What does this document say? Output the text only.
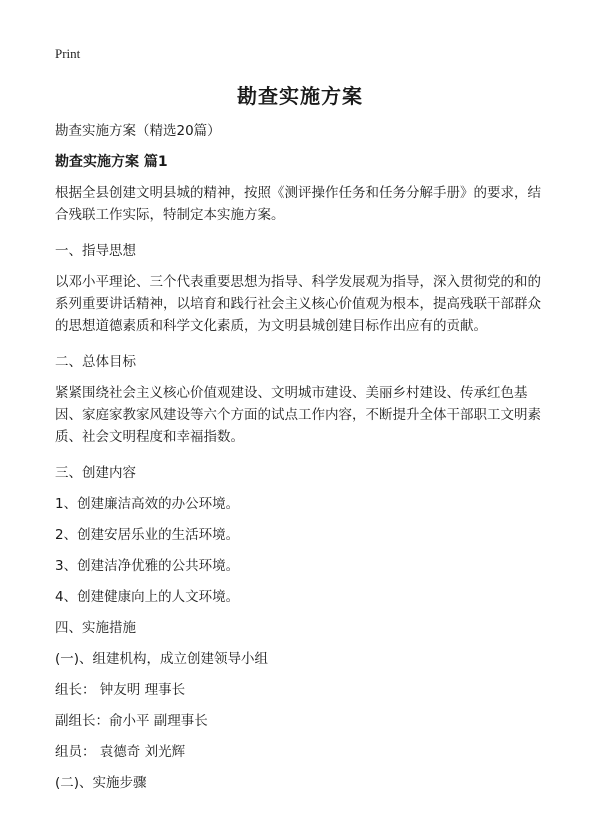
Print
勘查实施方案

勘查实施方案（精选20篇）

勘查实施方案 篇1

根据全县创建文明县城的精神，按照《测评操作任务和任务分解手册》的要求，结合残联工作实际，特制定本实施方案。

一、指导思想

以邓小平理论、三个代表重要思想为指导、科学发展观为指导，深入贯彻党的和的系列重要讲话精神，以培育和践行社会主义核心价值观为根本，提高残联干部群众的思想道德素质和科学文化素质，为文明县城创建目标作出应有的贡献。

二、总体目标

紧紧围绕社会主义核心价值观建设、文明城市建设、美丽乡村建设、传承红色基因、家庭家教家风建设等六个方面的试点工作内容，不断提升全体干部职工文明素质、社会文明程度和幸福指数。

三、创建内容

1、创建廉洁高效的办公环境。

2、创建安居乐业的生活环境。

3、创建洁净优雅的公共环境。

4、创建健康向上的人文环境。

四、实施措施

(一)、组建机构，成立创建领导小组

组长： 钟友明 理事长

副组长：俞小平 副理事长

组员： 袁德奇 刘光辉

(二)、实施步骤
